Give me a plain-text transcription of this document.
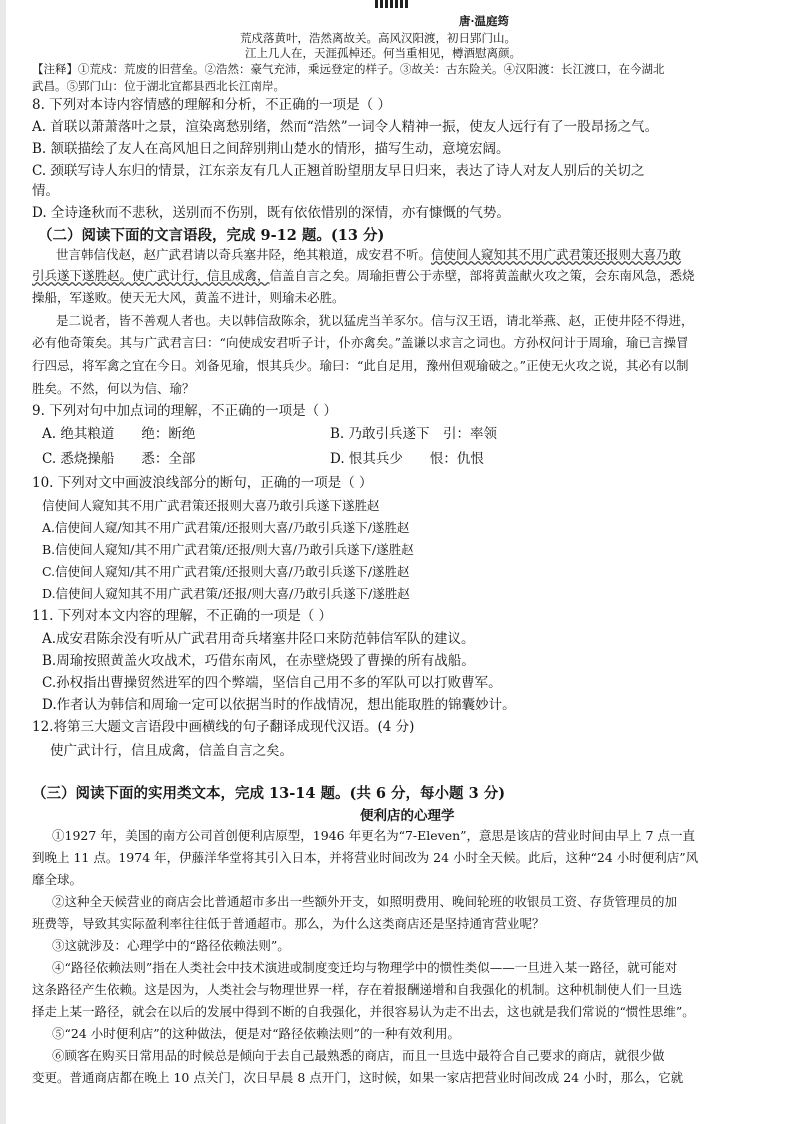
唐·温庭筠
荒戍落黄叶，浩然离故关。高风汉阳渡，初日郢门山。
江上几人在，天涯孤棹还。何当重相见，樽酒慰离颜。
【注释】①荒戍：荒废的旧营垒。②浩然：豪气充沛，乘远登定的样子。③故关：古东险关。④汉阳渡：长江渡口，在今湖北
武昌。⑤郢门山：位于湖北宜都县西北长江南岸。
8. 下列对本诗内容情感的理解和分析，不正确的一项是（ ）
A. 首联以萧萧落叶之景，渲染离愁别绪，然而“浩然”一词令人精神一振，使友人远行有了一股昂扬之气。
B. 颔联描绘了友人在高风旭日之间辞别荆山楚水的情形，描写生动，意境宏阔。
C. 颈联写诗人东归的情景，江东亲友有几人正翘首盼望朋友早日归来，表达了诗人对友人别后的关切之
情。
D. 全诗逢秋而不悲秋，送别而不伤别，既有依依惜别的深情，亦有慷慨的气势。
（二）阅读下面的文言语段，完成 9-12 题。(13 分)
世言韩信伐赵，赵广武君请以奇兵塞井陉，绝其粮道，成安君不听。信使间人窥知其不用广武君策还报则大喜乃敢
引兵遂下遂胜赵。使广武计行，信且成禽，信盖自言之矣。周瑜拒曹公于赤壁，部将黄盖献火攻之策，会东南风急，悉烧
操船，军遂败。使天无大风，黄盖不进计，则瑜未必胜。
是二说者，皆不善观人者也。夫以韩信敌陈余，犹以猛虎当羊豕尔。信与汉王语，请北举燕、赵，正使井陉不得进，
必有他奇策矣。其与广武君言曰：“向使成安君听子计，仆亦禽矣。”盖谦以求言之词也。方孙权问计于周瑜，瑜已言操冒
行四忌，将军禽之宜在今日。刘备见瑜，恨其兵少。瑜曰：“此自足用，豫州但观瑜破之。”正使无火攻之说，其必有以制
胜矣。不然，何以为信、瑜？
9. 下列对句中加点词的理解，不正确的一项是（ ）
A. 绝其粮道　　绝：断绝	B. 乃敢引兵遂下　引：率领
C. 悉烧操船　　悉：全部	D. 恨其兵少　　恨：仇恨
10. 下列对文中画波浪线部分的断句，正确的一项是（ ）
信使间人窥知其不用广武君策还报则大喜乃敢引兵遂下遂胜赵
A.信使间人窥/知其不用广武君策/还报则大喜/乃敢引兵遂下/遂胜赵
B.信使间人窥知/其不用广武君策/还报/则大喜/乃敢引兵遂下/遂胜赵
C.信使间人窥知/其不用广武君策/还报则大喜/乃敢引兵遂下/遂胜赵
D.信使间人窥知其不用广武君策/还报/则大喜/乃敢引兵遂下/遂胜赵
11. 下列对本文内容的理解，不正确的一项是（ ）
A.成安君陈余没有听从广武君用奇兵堵塞井陉口来防范韩信军队的建议。
B.周瑜按照黄盖火攻战术，巧借东南风，在赤壁烧毁了曹操的所有战船。
C.孙权指出曹操贸然进军的四个弊端，坚信自己用不多的军队可以打败曹军。
D.作者认为韩信和周瑜一定可以依据当时的作战情况，想出能取胜的锦囊妙计。
12.将第三大题文言语段中画横线的句子翻译成现代汉语。(4 分)
使广武计行，信且成禽，信盖自言之矣。
（三）阅读下面的实用类文本，完成 13-14 题。(共 6 分，每小题 3 分)
便利店的心理学
①1927 年，美国的南方公司首创便利店原型，1946 年更名为“7-Eleven”，意思是该店的营业时间由早上 7 点一直
到晚上 11 点。1974 年，伊藤洋华堂将其引入日本，并将营业时间改为 24 小时全天候。此后，这种“24 小时便利店”风
靡全球。
②这种全天候营业的商店会比普通超市多出一些额外开支，如照明费用、晚间轮班的收银员工资、存货管理员的加
班费等，导致其实际盈利率往往低于普通超市。那么，为什么这类商店还是坚持通宵营业呢？
③这就涉及：心理学中的“路径依赖法则”。
④“路径依赖法则”指在人类社会中技术演进或制度变迁均与物理学中的惯性类似——一旦进入某一路径，就可能对
这条路径产生依赖。这是因为，人类社会与物理世界一样，存在着报酬递增和自我强化的机制。这种机制使人们一旦选
择走上某一路径，就会在以后的发展中得到不断的自我强化，并很容易认为走不出去，这也就是我们常说的“惯性思维”。
⑤“24 小时便利店”的这种做法，便是对“路径依赖法则”的一种有效利用。
⑥顾客在购买日常用品的时候总是倾向于去自己最熟悉的商店，而且一旦选中最符合自己要求的商店，就很少做
变更。普通商店都在晚上 10 点关门，次日早晨 8 点开门，这时候，如果一家店把营业时间改成 24 小时，那么，它就
